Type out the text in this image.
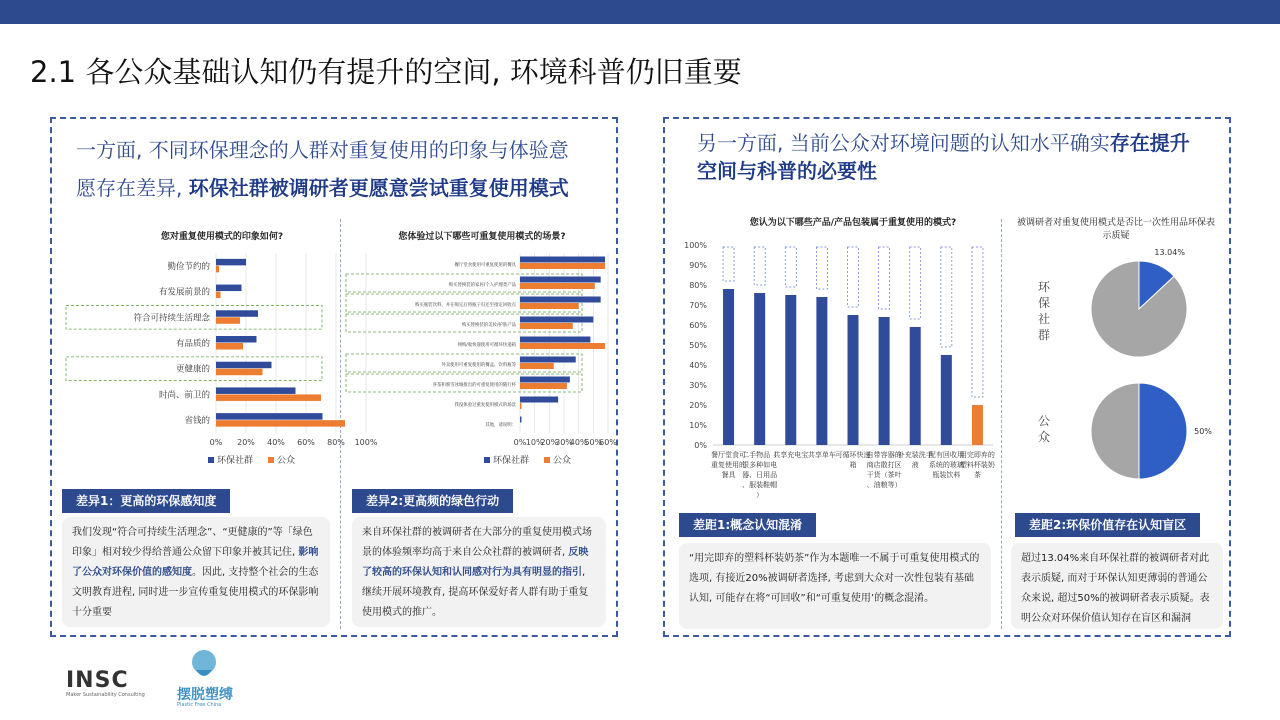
2.1 各公众基础认知仍有提升的空间, 环境科普仍旧重要
一方面, 不同环保理念的人群对重复使用的印象与体验意
愿存在差异, 环保社群被调研者更愿意尝试重复使用模式
您对重复使用模式的印象如何?
0% 20% 40% 60% 80% 100%
勤俭节约的
有发展前景的
符合可持续生活理念
有品质的
更健康的
时尚、前卫的
省钱的
环保社群	公众
您体验过以下哪些可重复使用模式的场景?
0% 10%
20%
30%
40%
50%
60%
餐厅堂食使用可重复使用的餐具
购买替换装的家居/个人护理类产品
购买瓶装饮料，并在喝完后将瓶子归还至指定回收点
购买替换装的美妆/护肤产品
网购/收快递使用可循环快递箱
外卖使用可重复使用的餐盒、饮料瓶等
喜茶和蜜雪冰城推出的可重复使用的随行杯
我没体验过重复使用模式的场景
其他，请说明：
环保社群	公众
差异1：更高的环保感知度	差异2:更高频的绿色行动
我们发现“符合可持续生活理念”、“更健康的”等「绿色印象」相对较少得给普通公众留下印象并被其记住, 影响了公众对环保价值的感知度。因此, 支持整个社会的生态文明教育进程, 同时进一步宣传重复使用模式的环保影响十分重要
来自环保社群的被调研者在大部分的重复使用模式场景的体验频率均高于来自公众社群的被调研者, 反映了较高的环保认知和认同感对行为具有明显的指引, 继续开展环境教育, 提高环保爱好者人群有助于重复使用模式的推广。
另一方面, 当前公众对环境问题的认知水平确实存在提升
空间与科普的必要性
您认为以下哪些产品/产品包装属于重复使用的模式?
0%
10%
20%
30%
40%
50%
60%
70%
80%
90%
100%
餐厅堂食可
重复使用的
餐具
二手物品（
很多种如电
器、日用品
、服装鞋帽
）
共享充电宝 共享单车 可循环快递
箱
自带容器的
商店散打区
干货（茶叶
、油粮等）
补充装洗手
液
配有回收用
系统的玻璃
瓶装饮料
用完即弃的
塑料杯装奶
茶
被调研者对重复使用模式是否比一次性用品环保表示质疑
13.04%
50%
环保社群
公众
差距1:概念认知混淆	差距2:环保价值存在认知盲区
“用完即弃的塑料杯装奶茶”作为本题唯一不属于可重复使用模式的选项, 有接近20%被调研者选择, 考虑到大众对一次性包装有基础认知, 可能存在将“可回收”和“可重复使用’的概念混淆。
超过13.04%来自环保社群的被调研者对此表示质疑, 而对于环保认知更薄弱的普通公众来说, 超过50%的被调研者表示质疑。表明公众对环保价值认知存在盲区和漏洞
INSC
Maker Sustainability Consulting 摆脱塑缚
Plastic Free China
